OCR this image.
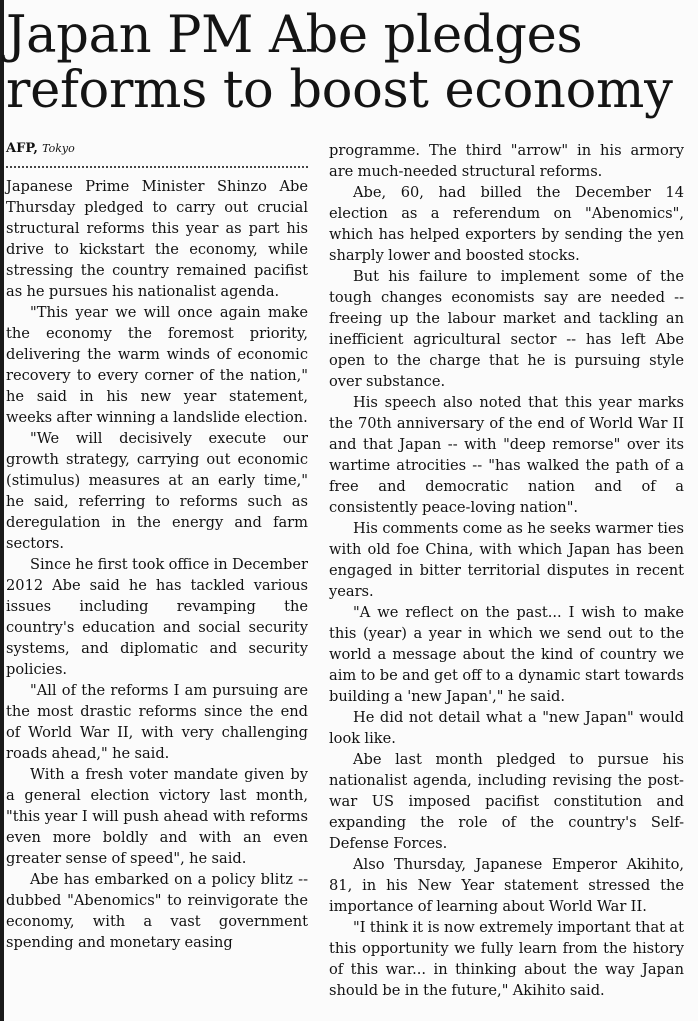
Japan PM Abe pledges reforms to boost economy
AFP, Tokyo

Japanese Prime Minister Shinzo Abe Thursday pledged to carry out crucial structural reforms this year as part his drive to kickstart the economy, while stressing the country remained pacifist as he pursues his nationalist agenda.

"This year we will once again make the economy the foremost priority, delivering the warm winds of economic recovery to every corner of the nation," he said in his new year statement, weeks after winning a landslide election.

"We will decisively execute our growth strategy, carrying out economic (stimulus) measures at an early time," he said, referring to reforms such as deregulation in the energy and farm sectors.

Since he first took office in December 2012 Abe said he has tackled various issues including revamping the country's education and social security systems, and diplomatic and security policies.

"All of the reforms I am pursuing are the most drastic reforms since the end of World War II, with very challenging roads ahead," he said.

With a fresh voter mandate given by a general election victory last month, "this year I will push ahead with reforms even more boldly and with an even greater sense of speed", he said.

Abe has embarked on a policy blitz -- dubbed "Abenomics" to reinvigorate the economy, with a vast government spending and monetary easing

programme. The third "arrow" in his armory are much-needed structural reforms.

Abe, 60, had billed the December 14 election as a referendum on "Abenomics", which has helped exporters by sending the yen sharply lower and boosted stocks.

But his failure to implement some of the tough changes economists say are needed -- freeing up the labour market and tackling an inefficient agricultural sector -- has left Abe open to the charge that he is pursuing style over substance.

His speech also noted that this year marks the 70th anniversary of the end of World War II and that Japan -- with "deep remorse" over its wartime atrocities -- "has walked the path of a free and democratic nation and of a consistently peace-loving nation".

His comments come as he seeks warmer ties with old foe China, with which Japan has been engaged in bitter territorial disputes in recent years.

"A we reflect on the past... I wish to make this (year) a year in which we send out to the world a message about the kind of country we aim to be and get off to a dynamic start towards building a 'new Japan'," he said.

He did not detail what a "new Japan" would look like.

Abe last month pledged to pursue his nationalist agenda, including revising the post-war US imposed pacifist constitution and expanding the role of the country's Self-Defense Forces.

Also Thursday, Japanese Emperor Akihito, 81, in his New Year statement stressed the importance of learning about World War II.

"I think it is now extremely important that at this opportunity we fully learn from the history of this war... in thinking about the way Japan should be in the future," Akihito said.
